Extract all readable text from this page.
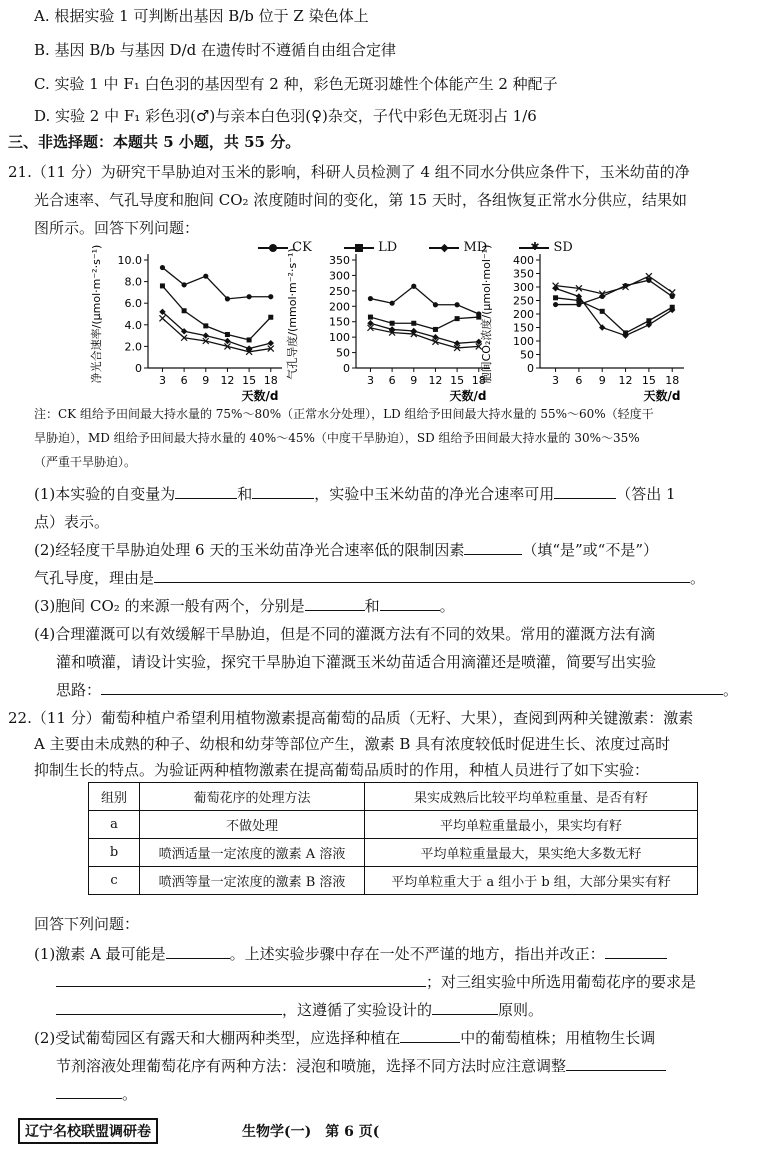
A. 根据实验 1 可判断出基因 B/b 位于 Z 染色体上
B. 基因 B/b 与基因 D/d 在遗传时不遵循自由组合定律
C. 实验 1 中 F₁ 白色羽的基因型有 2 种，彩色无斑羽雄性个体能产生 2 种配子
D. 实验 2 中 F₁ 彩色羽(♂)与亲本白色羽(♀)杂交，子代中彩色无斑羽占 1/6
三、非选择题：本题共 5 小题，共 55 分。
21.（11 分）为研究干旱胁迫对玉米的影响，科研人员检测了 4 组不同水分供应条件下，玉米幼苗的净
光合速率、气孔导度和胞间 CO₂ 浓度随时间的变化，第 15 天时，各组恢复正常水分供应，结果如
图所示。回答下列问题：
CK	LD	◆ MD	✱ SD
10.0
8.0
6.0
4.0
2.0
0
3 6 9 12 15 18
天数/d
净光合速率/(μmol·m⁻²·s⁻¹)	350
300
250
200
150
100
50
0
3 6 9 12 15 18
天数/d
气孔导度/(mmol·m⁻²·s⁻¹)	400
350
300
250
200
150
100
50
0
3 6 9 12 15 18
天数/d
胞间CO₂浓度/(μmol·mol⁻¹)
注：CK 组给予田间最大持水量的 75%～80%（正常水分处理），LD 组给予田间最大持水量的 55%～60%（轻度干
旱胁迫），MD 组给予田间最大持水量的 40%～45%（中度干旱胁迫），SD 组给予田间最大持水量的 30%～35%
（严重干旱胁迫）。
(1)本实验的自变量为	和	，实验中玉米幼苗的净光合速率可用	（答出 1
点）表示。
(2)经轻度干旱胁迫处理 6 天的玉米幼苗净光合速率低的限制因素	（填“是”或“不是”）
气孔导度，理由是	。
(3)胞间 CO₂ 的来源一般有两个，分别是	和	。
(4)合理灌溉可以有效缓解干旱胁迫，但是不同的灌溉方法有不同的效果。常用的灌溉方法有滴
灌和喷灌，请设计实验，探究干旱胁迫下灌溉玉米幼苗适合用滴灌还是喷灌，简要写出实验
思路：	。
22.（11 分）葡萄种植户希望利用植物激素提高葡萄的品质（无籽、大果），查阅到两种关键激素：激素
A 主要由未成熟的种子、幼根和幼芽等部位产生，激素 B 具有浓度较低时促进生长、浓度过高时
抑制生长的特点。为验证两种植物激素在提高葡萄品质时的作用，种植人员进行了如下实验：
组别	葡萄花序的处理方法	果实成熟后比较平均单粒重量、是否有籽
a	不做处理	平均单粒重量最小，果实均有籽
b	喷洒适量一定浓度的激素 A 溶液	平均单粒重量最大，果实绝大多数无籽
c	喷洒等量一定浓度的激素 B 溶液	平均单粒重大于 a 组小于 b 组，大部分果实有籽
回答下列问题：
(1)激素 A 最可能是	。上述实验步骤中存在一处不严谨的地方，指出并改正：
；对三组实验中所选用葡萄花序的要求是
，这遵循了实验设计的	原则。
(2)受试葡萄园区有露天和大棚两种类型，应选择种植在	中的葡萄植株；用植物生长调
节剂溶液处理葡萄花序有两种方法：浸泡和喷施，选择不同方法时应注意调整
。
辽宁名校联盟调研卷	生物学(一)　第 6 页(
